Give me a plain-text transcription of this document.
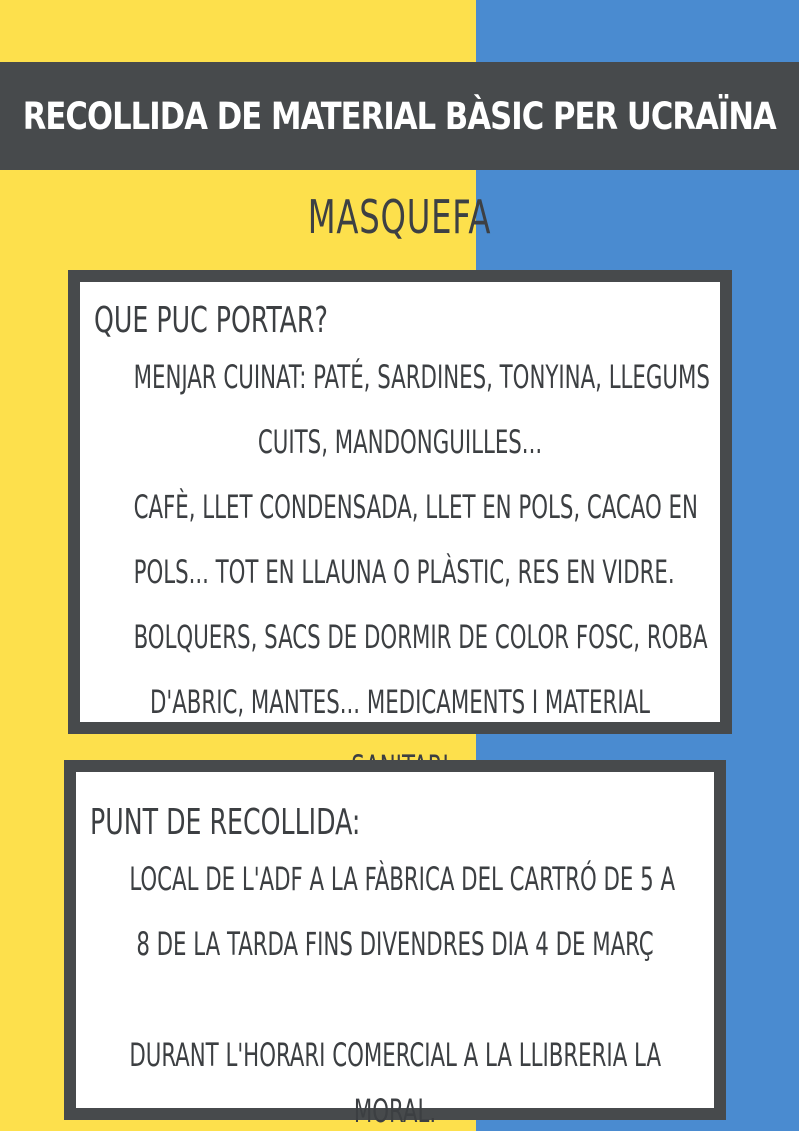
RECOLLIDA DE MATERIAL BÀSIC PER UCRAÏNA
MASQUEFA
QUE PUC PORTAR?
MENJAR CUINAT: PATÉ, SARDINES, TONYINA, LLEGUMS
CUITS, MANDONGUILLES...
CAFÈ, LLET CONDENSADA, LLET EN POLS, CACAO EN
POLS... TOT EN LLAUNA O PLÀSTIC, RES EN VIDRE.
BOLQUERS, SACS DE DORMIR DE COLOR FOSC, ROBA
D'ABRIC, MANTES... MEDICAMENTS I MATERIAL
PUNT DE RECOLLIDA:
LOCAL DE L'ADF A LA FÀBRICA DEL CARTRÓ DE 5 A
8 DE LA TARDA FINS DIVENDRES DIA 4 DE MARÇ
DURANT L'HORARI COMERCIAL A LA LLIBRERIA LA
MORAL.
